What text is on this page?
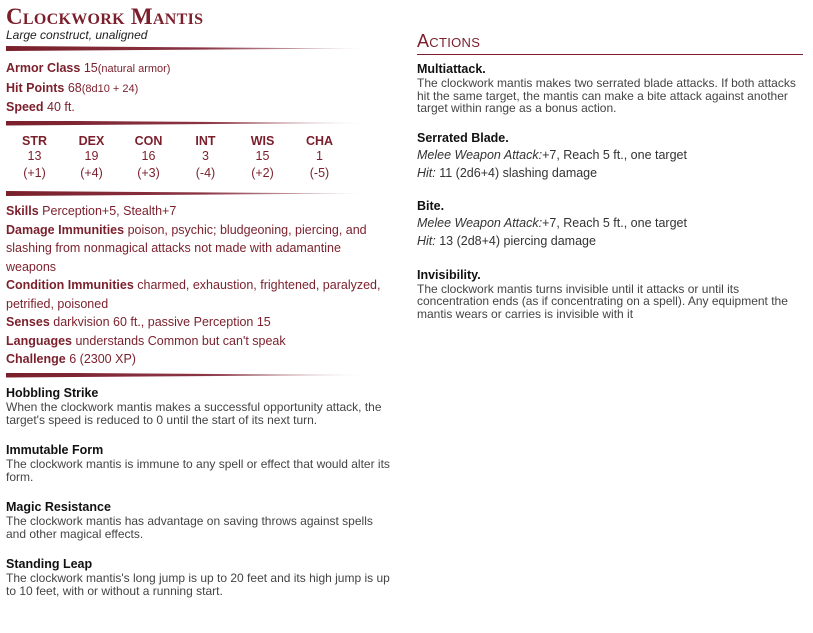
Clockwork Mantis
Large construct, unaligned
Armor Class 15(natural armor)
Hit Points 68(8d10 + 24)
Speed 40 ft.
STR
13
(+1)
DEX
19
(+4)
CON
16
(+3)
INT
3
(-4)
WIS
15
(+2)
CHA
1
(-5)
Skills Perception+5, Stealth+7
Damage Immunities poison, psychic; bludgeoning, piercing, and slashing from nonmagical attacks not made with adamantine weapons
Condition Immunities charmed, exhaustion, frightened, paralyzed, petrified, poisoned
Senses darkvision 60 ft., passive Perception 15
Languages understands Common but can't speak
Challenge 6 (2300 XP)
Hobbling Strike
When the clockwork mantis makes a successful opportunity attack, the target's speed is reduced to 0 until the start of its next turn.
Immutable Form
The clockwork mantis is immune to any spell or effect that would alter its form.
Magic Resistance
The clockwork mantis has advantage on saving throws against spells and other magical effects.
Standing Leap
The clockwork mantis's long jump is up to 20 feet and its high jump is up to 10 feet, with or without a running start.
Actions
Multiattack.
The clockwork mantis makes two serrated blade attacks. If both attacks hit the same target, the mantis can make a bite attack against another target within range as a bonus action.
Serrated Blade.
Melee Weapon Attack:+7, Reach 5 ft., one target
Hit: 11 (2d6+4) slashing damage
Bite.
Melee Weapon Attack:+7, Reach 5 ft., one target
Hit: 13 (2d8+4) piercing damage
Invisibility.
The clockwork mantis turns invisible until it attacks or until its concentration ends (as if concentrating on a spell). Any equipment the mantis wears or carries is invisible with it
